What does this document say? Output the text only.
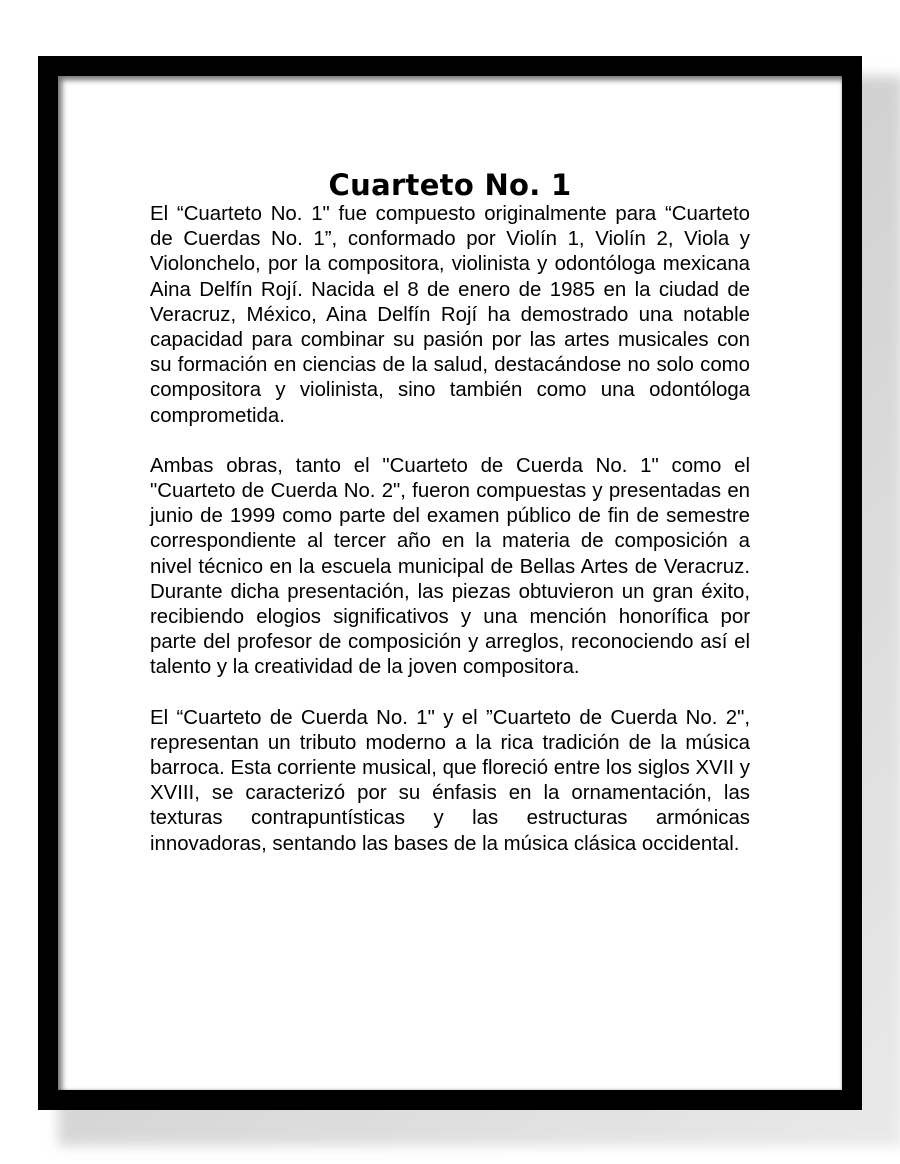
Cuarteto No. 1

El “Cuarteto No. 1" fue compuesto originalmente para “Cuarteto de Cuerdas No. 1”, conformado por Violín 1, Violín 2, Viola y Violonchelo, por la compositora, violinista y odontóloga mexicana Aina Delfín Rojí. Nacida el 8 de enero de 1985 en la ciudad de Veracruz, México, Aina Delfín Rojí ha demostrado una notable capacidad para combinar su pasión por las artes musicales con su formación en ciencias de la salud, destacándose no solo como compositora y violinista, sino también como una odontóloga comprometida.

Ambas obras, tanto el "Cuarteto de Cuerda No. 1" como el "Cuarteto de Cuerda No. 2", fueron compuestas y presentadas en junio de 1999 como parte del examen público de fin de semestre correspondiente al tercer año en la materia de composición a nivel técnico en la escuela municipal de Bellas Artes de Veracruz. Durante dicha presentación, las piezas obtuvieron un gran éxito, recibiendo elogios significativos y una mención honorífica por parte del profesor de composición y arreglos, reconociendo así el talento y la creatividad de la joven compositora.

El “Cuarteto de Cuerda No. 1" y el ”Cuarteto de Cuerda No. 2", representan un tributo moderno a la rica tradición de la música barroca. Esta corriente musical, que floreció entre los siglos XVII y XVIII, se caracterizó por su énfasis en la ornamentación, las texturas contrapuntísticas y las estructuras armónicas innovadoras, sentando las bases de la música clásica occidental.
